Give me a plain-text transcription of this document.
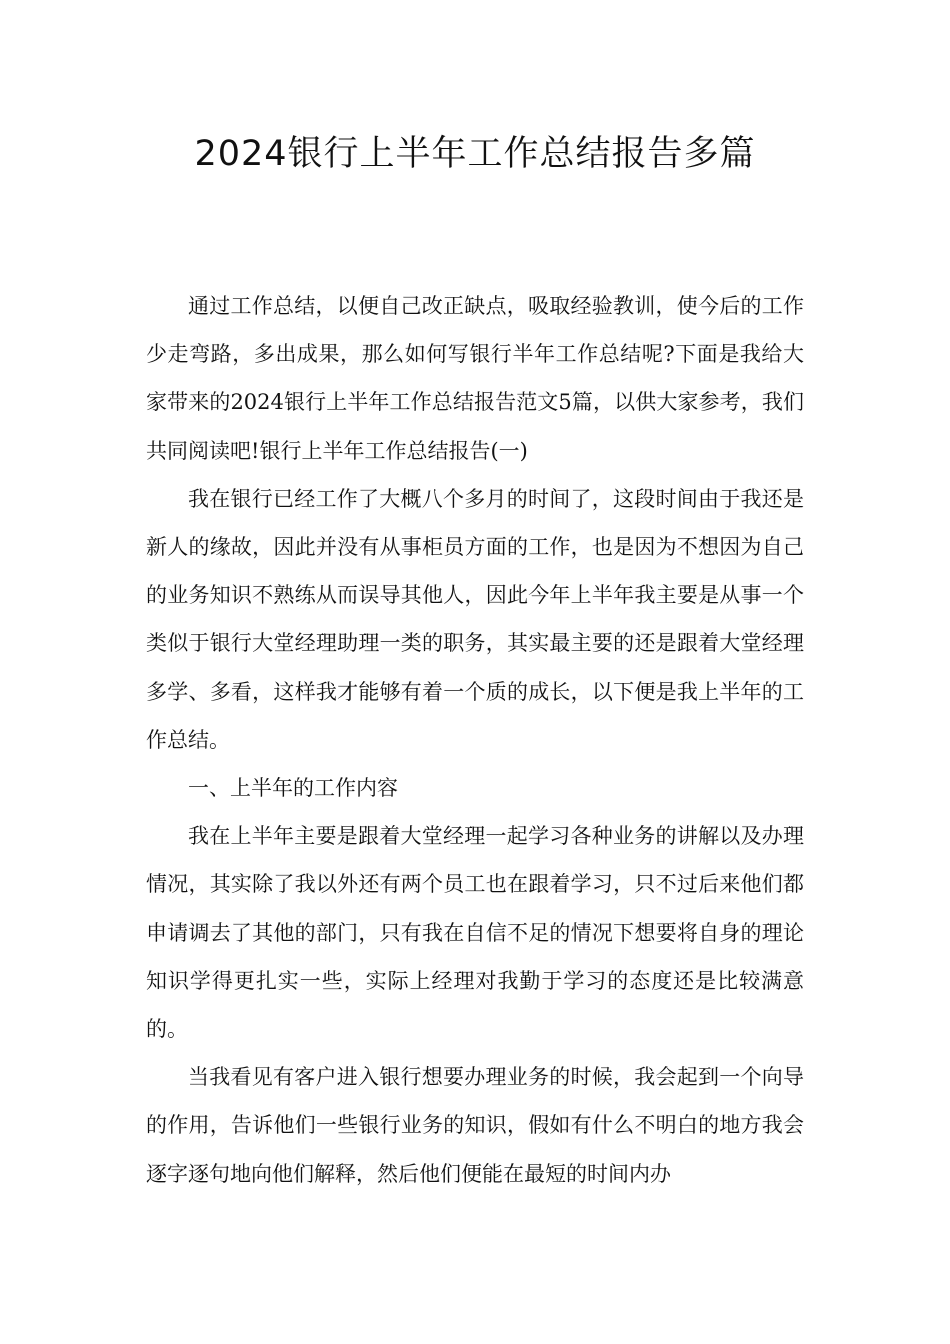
2024银行上半年工作总结报告多篇

通过工作总结，以便自己改正缺点，吸取经验教训，使今后的工作少走弯路，多出成果，那么如何写银行半年工作总结呢?下面是我给大家带来的2024银行上半年工作总结报告范文5篇，以供大家参考，我们共同阅读吧!银行上半年工作总结报告(一)

我在银行已经工作了大概八个多月的时间了，这段时间由于我还是新人的缘故，因此并没有从事柜员方面的工作，也是因为不想因为自己的业务知识不熟练从而误导其他人，因此今年上半年我主要是从事一个类似于银行大堂经理助理一类的职务，其实最主要的还是跟着大堂经理多学、多看，这样我才能够有着一个质的成长，以下便是我上半年的工作总结。

一、上半年的工作内容

我在上半年主要是跟着大堂经理一起学习各种业务的讲解以及办理情况，其实除了我以外还有两个员工也在跟着学习，只不过后来他们都申请调去了其他的部门，只有我在自信不足的情况下想要将自身的理论知识学得更扎实一些，实际上经理对我勤于学习的态度还是比较满意的。

当我看见有客户进入银行想要办理业务的时候，我会起到一个向导的作用，告诉他们一些银行业务的知识，假如有什么不明白的地方我会逐字逐句地向他们解释，然后他们便能在最短的时间内办
